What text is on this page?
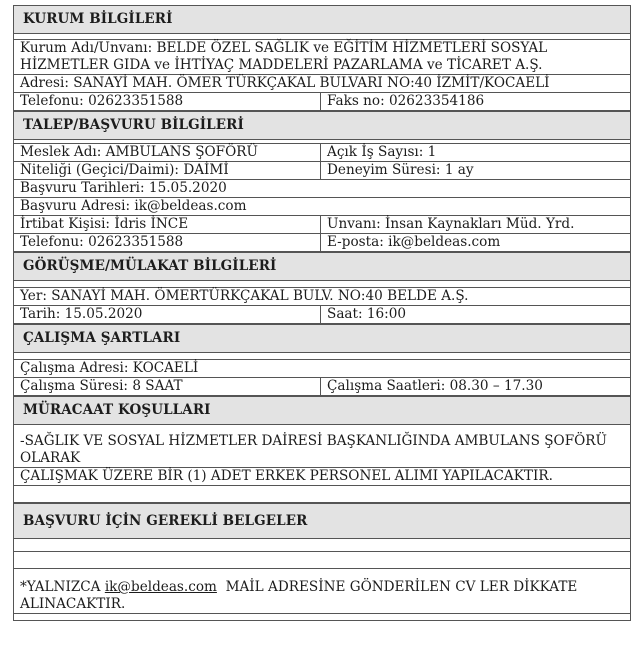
KURUM BİLGİLERİ
Kurum Adı/Unvanı: BELDE ÖZEL SAĞLIK ve EĞİTİM HİZMETLERİ SOSYAL
HİZMETLER GIDA ve İHTİYAÇ MADDELERİ PAZARLAMA ve TİCARET A.Ş.
Adresi: SANAYİ MAH. ÖMER TÜRKÇAKAL BULVARI NO:40 İZMİT/KOCAELİ
Telefonu: 02623351588	Faks no: 02623354186
TALEP/BAŞVURU BİLGİLERİ
Meslek Adı: AMBULANS ŞOFÖRÜ	Açık İş Sayısı: 1
Niteliği (Geçici/Daimi): DAİMİ	Deneyim Süresi: 1 ay
Başvuru Tarihleri: 15.05.2020
Başvuru Adresi: ik@beldeas.com
İrtibat Kişisi: İdris İNCE	Unvanı: İnsan Kaynakları Müd. Yrd.
Telefonu: 02623351588	E-posta: ik@beldeas.com
GÖRÜŞME/MÜLAKAT BİLGİLERİ
Yer: SANAYİ MAH. ÖMERTÜRKÇAKAL BULV. NO:40 BELDE A.Ş.
Tarih: 15.05.2020	Saat: 16:00
ÇALIŞMA ŞARTLARI
Çalışma Adresi: KOCAELİ
Çalışma Süresi: 8 SAAT	Çalışma Saatleri: 08.30 – 17.30
MÜRACAAT KOŞULLARI
-SAĞLIK VE SOSYAL HİZMETLER DAİRESİ BAŞKANLIĞINDA AMBULANS ŞOFÖRÜ
OLARAK
ÇALIŞMAK ÜZERE BİR (1) ADET ERKEK PERSONEL ALIMI YAPILACAKTIR.
BAŞVURU İÇİN GEREKLİ BELGELER
*YALNIZCA ik@beldeas.com  MAİL ADRESİNE GÖNDERİLEN CV LER DİKKATE
ALINACAKTIR.
